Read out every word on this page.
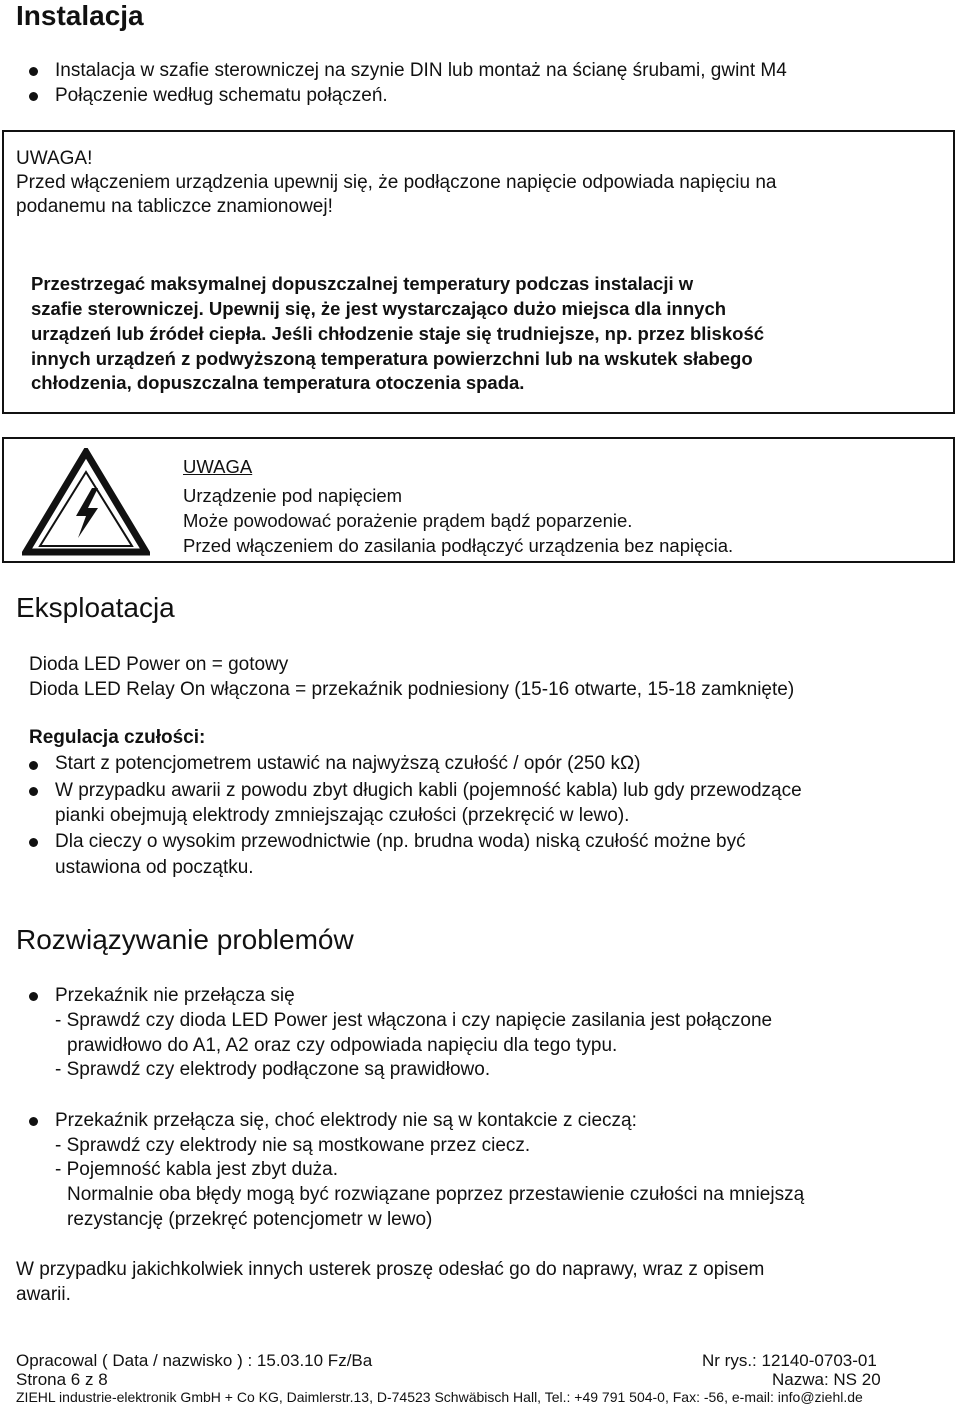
Instalacja
Instalacja w szafie sterowniczej na szynie DIN lub montaż na ścianę śrubami, gwint M4
Połączenie według schematu połączeń.
UWAGA!
Przed włączeniem urządzenia upewnij się, że podłączone napięcie odpowiada napięciu na
podanemu na tabliczce znamionowej!
Przestrzegać maksymalnej dopuszczalnej temperatury podczas instalacji w
szafie sterowniczej. Upewnij się, że jest wystarczająco dużo miejsca dla innych
urządzeń lub źródeł ciepła. Jeśli chłodzenie staje się trudniejsze, np. przez bliskość
innych urządzeń z podwyższoną temperatura powierzchni lub na wskutek słabego
chłodzenia, dopuszczalna temperatura otoczenia spada.
UWAGA
Urządzenie pod napięciem
Może powodować porażenie prądem bądź poparzenie.
Przed włączeniem do zasilania podłączyć urządzenia bez napięcia.
Eksploatacja
Dioda LED Power on = gotowy
Dioda LED Relay On włączona = przekaźnik podniesiony (15-16 otwarte, 15-18 zamknięte)
Regulacja czułości:
Start z potencjometrem ustawić na najwyższą czułość / opór (250 kΩ)
W przypadku awarii z powodu zbyt długich kabli (pojemność kabla) lub gdy przewodzące
pianki obejmują elektrody zmniejszając czułości (przekręcić w lewo).
Dla cieczy o wysokim przewodnictwie (np. brudna woda) niską czułość możne być
ustawiona od początku.
Rozwiązywanie problemów
Przekaźnik nie przełącza się
- Sprawdź czy dioda LED Power jest włączona i czy napięcie zasilania jest połączone
prawidłowo do A1, A2 oraz czy odpowiada napięciu dla tego typu.
- Sprawdź czy elektrody podłączone są prawidłowo.
Przekaźnik przełącza się, choć elektrody nie są w kontakcie z cieczą:
- Sprawdź czy elektrody nie są mostkowane przez ciecz.
- Pojemność kabla jest zbyt duża.
Normalnie oba błędy mogą być rozwiązane poprzez przestawienie czułości na mniejszą
rezystancję (przekręć potencjometr w lewo)
W przypadku jakichkolwiek innych usterek proszę odesłać go do naprawy, wraz z opisem
awarii.
Opracowal ( Data / nazwisko ) : 15.03.10 Fz/Ba	Nr rys.: 12140-0703-01
Strona 6 z 8	Nazwa: NS 20
ZIEHL industrie-elektronik GmbH + Co KG, Daimlerstr.13, D-74523 Schwäbisch Hall, Tel.: +49 791 504-0, Fax: -56, e-mail: info@ziehl.de
